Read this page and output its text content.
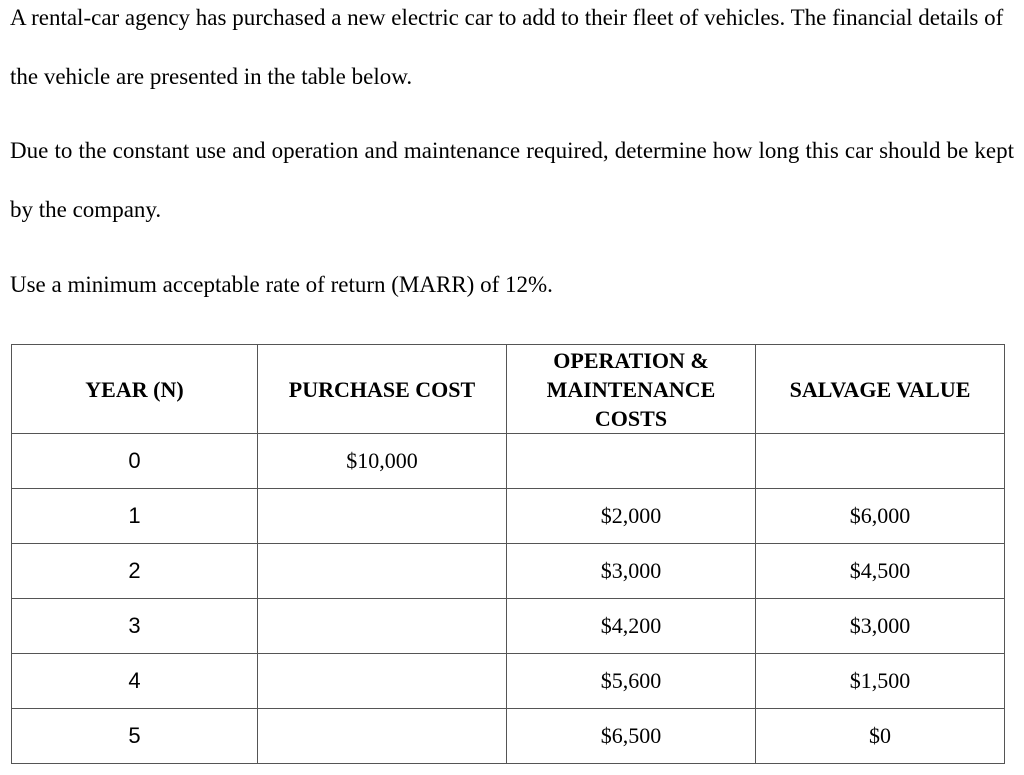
A rental-car agency has purchased a new electric car to add to their fleet of vehicles. The financial details of the vehicle are presented in the table below.

Due to the constant use and operation and maintenance required, determine how long this car should be kept by the company.

Use a minimum acceptable rate of return (MARR) of 12%.

YEAR (N)	PURCHASE COST	OPERATION &
MAINTENANCE
COSTS	SALVAGE VALUE
0	$10,000		
1		$2,000	$6,000
2		$3,000	$4,500
3		$4,200	$3,000
4		$5,600	$1,500
5		$6,500	$0
